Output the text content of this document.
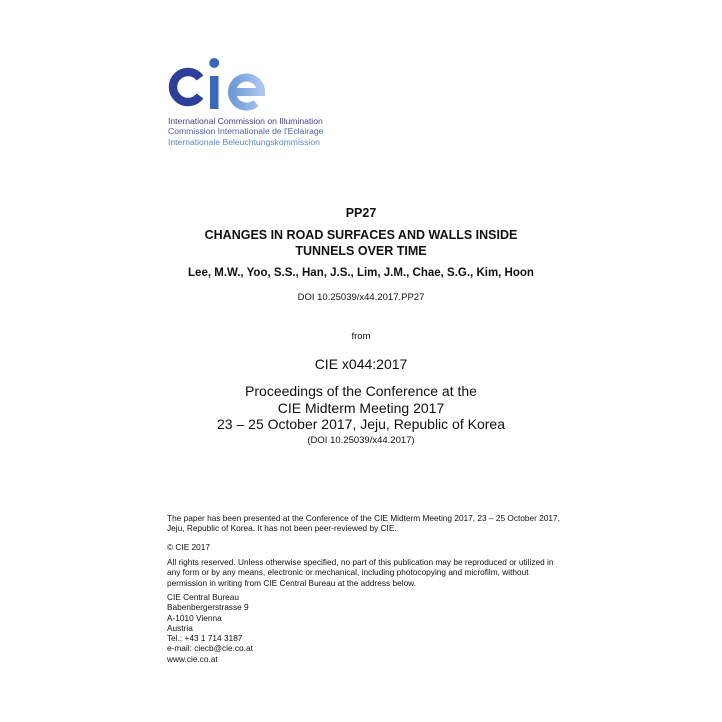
International Commission on Illumination
Commission Internationale de l'Eclairage
Internationale Beleuchtungskommission
PP27
CHANGES IN ROAD SURFACES AND WALLS INSIDE
TUNNELS OVER TIME
Lee, M.W., Yoo, S.S., Han, J.S., Lim, J.M., Chae, S.G., Kim, Hoon
DOI 10.25039/x44.2017.PP27
from
CIE x044:2017
Proceedings of the Conference at the
CIE Midterm Meeting 2017
23 – 25 October 2017, Jeju, Republic of Korea
(DOI 10.25039/x44.2017)
The paper has been presented at the Conference of the CIE Midterm Meeting 2017, 23 – 25 October 2017, Jeju, Republic of Korea. It has not been peer-reviewed by CIE.
© CIE 2017
All rights reserved. Unless otherwise specified, no part of this publication may be reproduced or utilized in any form or by any means, electronic or mechanical, including photocopying and microfilm, without permission in writing from CIE Central Bureau at the address below.
CIE Central Bureau
Babenbergerstrasse 9
A-1010 Vienna
Austria
Tel.: +43 1 714 3187
e-mail: ciecb@cie.co.at
www.cie.co.at
